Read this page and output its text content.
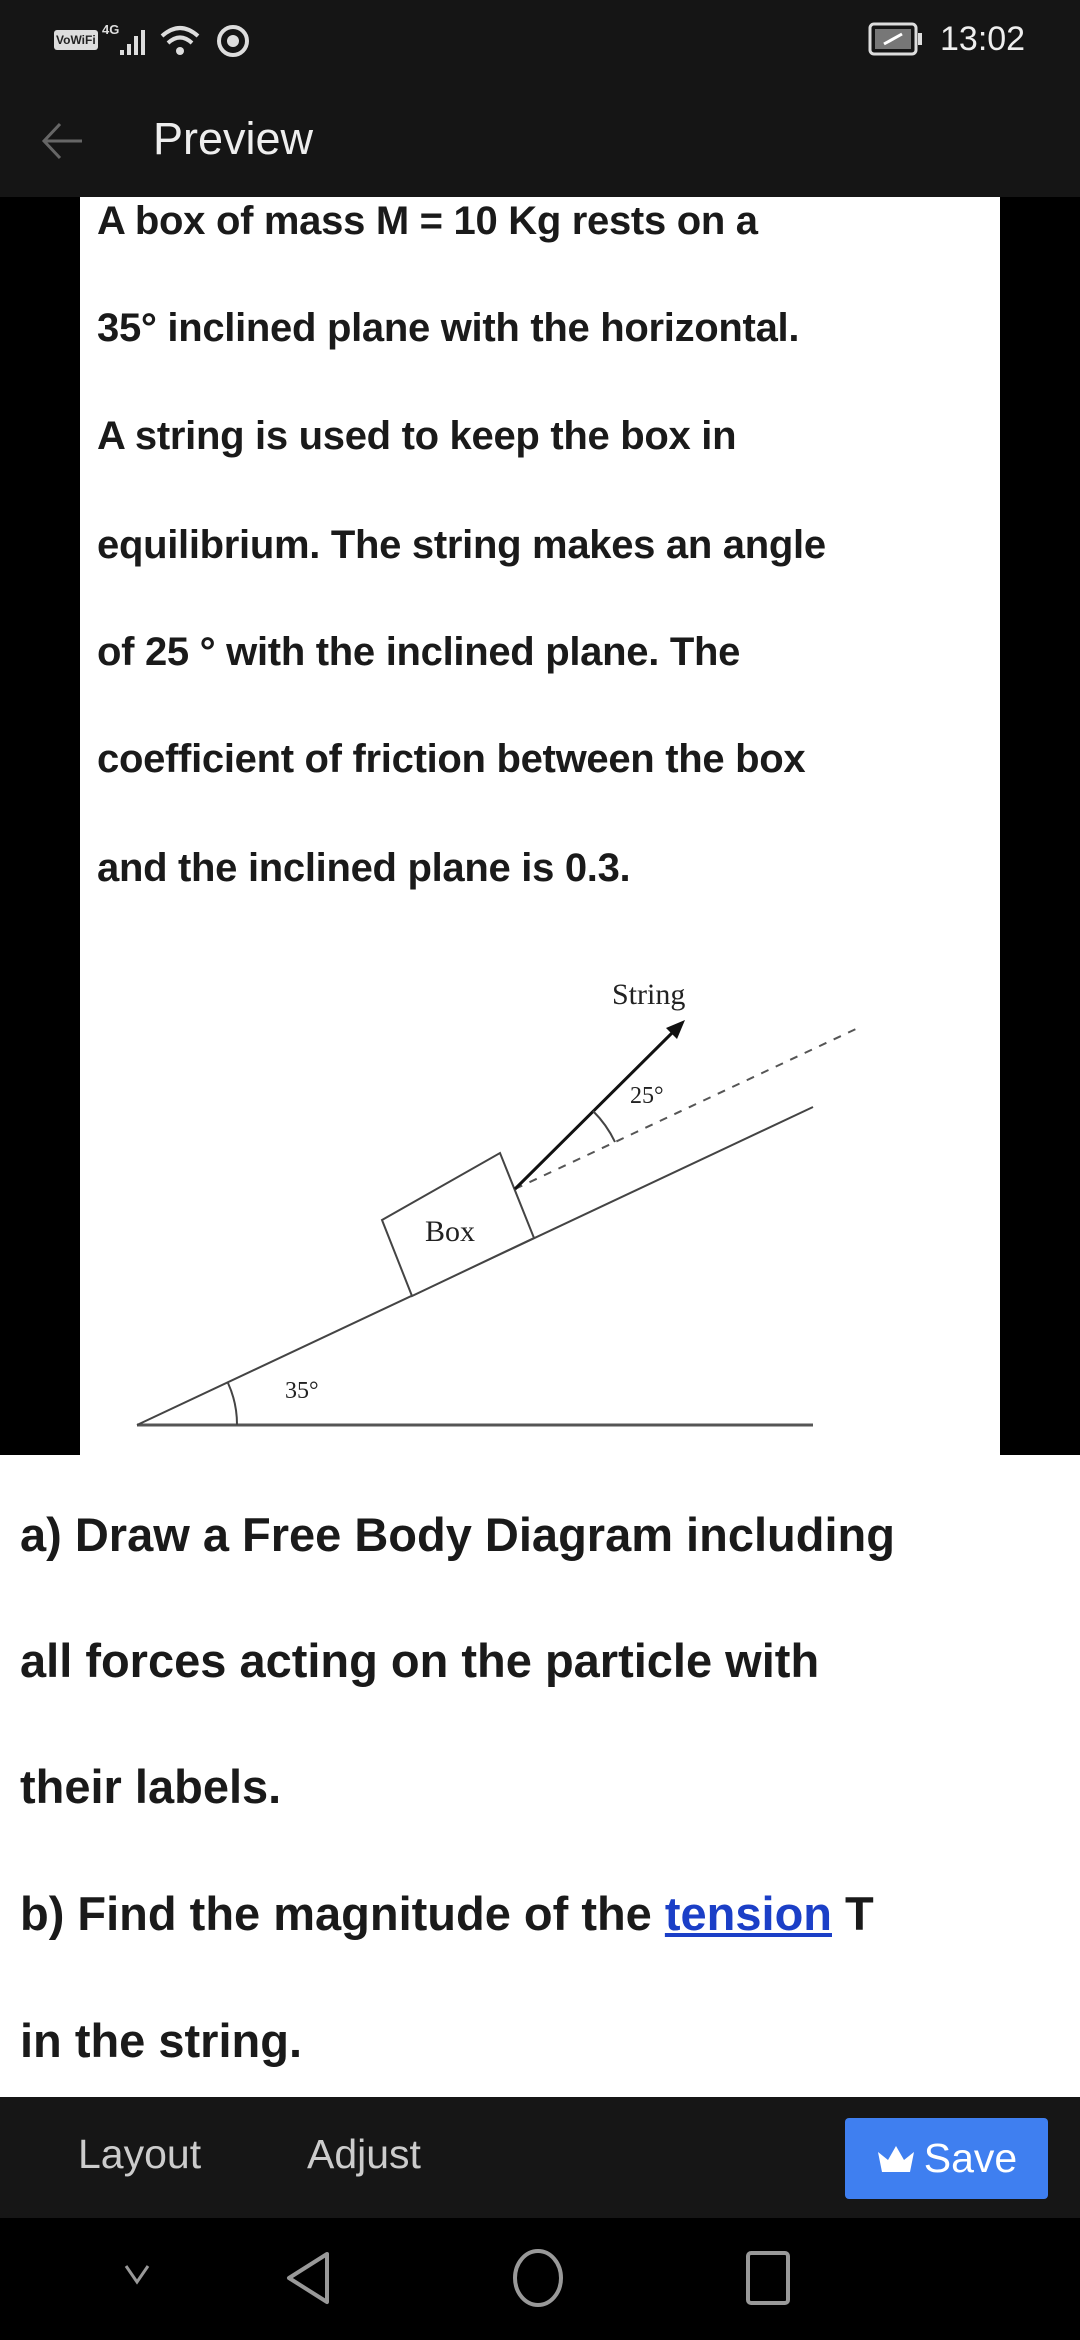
VoWiFi
4G	13:02
Preview
A box of mass M = 10 Kg rests on a
35° inclined plane with the horizontal.
A string is used to keep the box in
equilibrium. The string makes an angle
of 25 ° with the inclined plane. The
coefficient of friction between the box
and the inclined plane is 0.3.
String
25°
35°
Box
a) Draw a Free Body Diagram including
all forces acting on the particle with
their labels.
b) Find the magnitude of the tension T
in the string.
Layout	Adjust	Save
